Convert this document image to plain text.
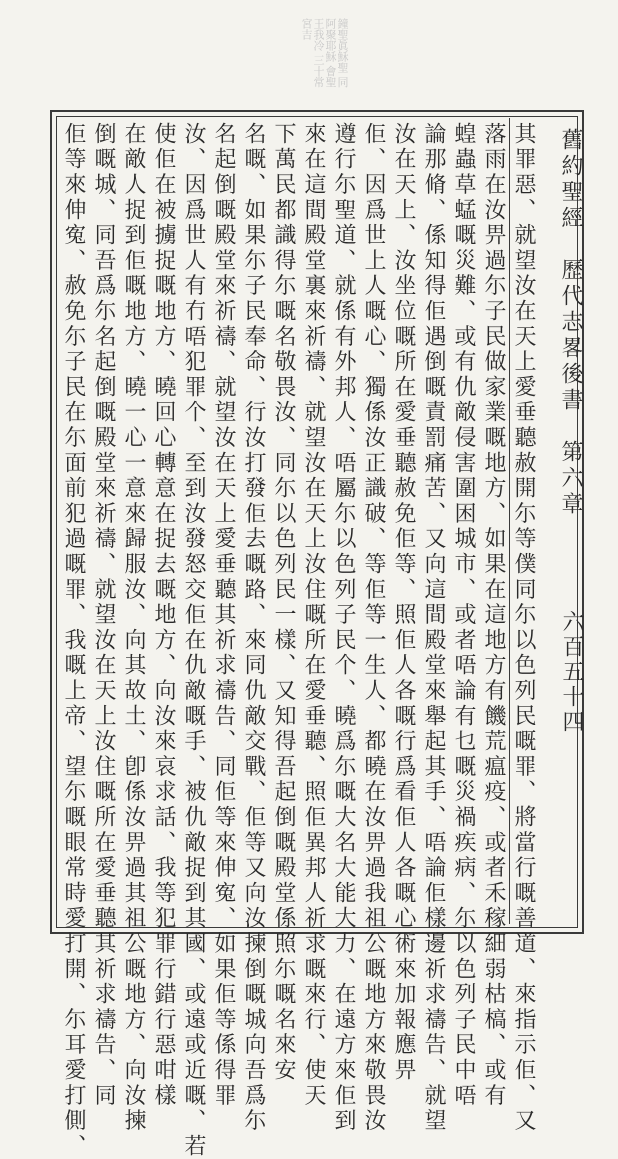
鐘聖眞穌聖 同阿聚耶穌 會聖王我冷 三十常宮吉
舊約聖經　歷代志畧後書　第六章
六百五十四
其罪惡、就望汝在天上愛垂聽赦開尓等僕同尓以色列民嘅罪、將當行嘅善道、來指示佢、又
落雨在汝畀過尓子民做家業嘅地方、如果在這地方有饑荒瘟疫、或者禾稼細弱枯槁、或有
蝗蟲草蜢嘅災難、或有仇敵侵害圍困城市、或者唔論有乜嘅災禍疾病、尓以色列子民中唔
論那脩、係知得佢遇倒嘅責罰痛苦、又向這間殿堂來舉起其手、唔論佢樣邊祈求禱告、就望
汝在天上、汝坐位嘅所在愛垂聽赦免佢等、照佢人各嘅行爲看佢人各嘅心術來加報應畀
佢、因爲世上人嘅心、獨係汝正識破、等佢等一生人、都曉在汝畀過我祖公嘅地方來敬畏汝
遵行尓聖道、就係有外邦人、唔屬尓以色列子民个、曉爲尓嘅大名大能大力、在遠方來佢到
來在這間殿堂裏來祈禱、就望汝在天上汝住嘅所在愛垂聽、照佢異邦人祈求嘅來行、使天
下萬民都識得尓嘅名敬畏汝、同尓以色列民一樣、又知得吾起倒嘅殿堂係照尓嘅名來安
名嘅、如果尓子民奉命、行汝打發佢去嘅路、來同仇敵交戰、佢等又向汝揀倒嘅城向吾爲尓
名起倒嘅殿堂來祈禱、就望汝在天上愛垂聽其祈求禱告、同佢等來伸寃、如果佢等係得罪
汝、因爲世人有冇唔犯罪个、至到汝發怒交佢在仇敵嘅手、被仇敵捉到其國、或遠或近嘅、若
使佢在被擄捉嘅地方、曉回心轉意在捉去嘅地方、向汝來哀求話、我等犯罪行錯行惡咁樣
在敵人捉到佢嘅地方、曉一心一意來歸服汝、向其故土、卽係汝畀過其祖公嘅地方、向汝揀
倒嘅城、同吾爲尓名起倒嘅殿堂來祈禱、就望汝在天上汝住嘅所在愛垂聽其祈求禱告、同
佢等來伸寃、赦免尓子民在尓面前犯過嘅罪、我嘅上帝、望尓嘅眼常時愛打開、尓耳愛打側、
